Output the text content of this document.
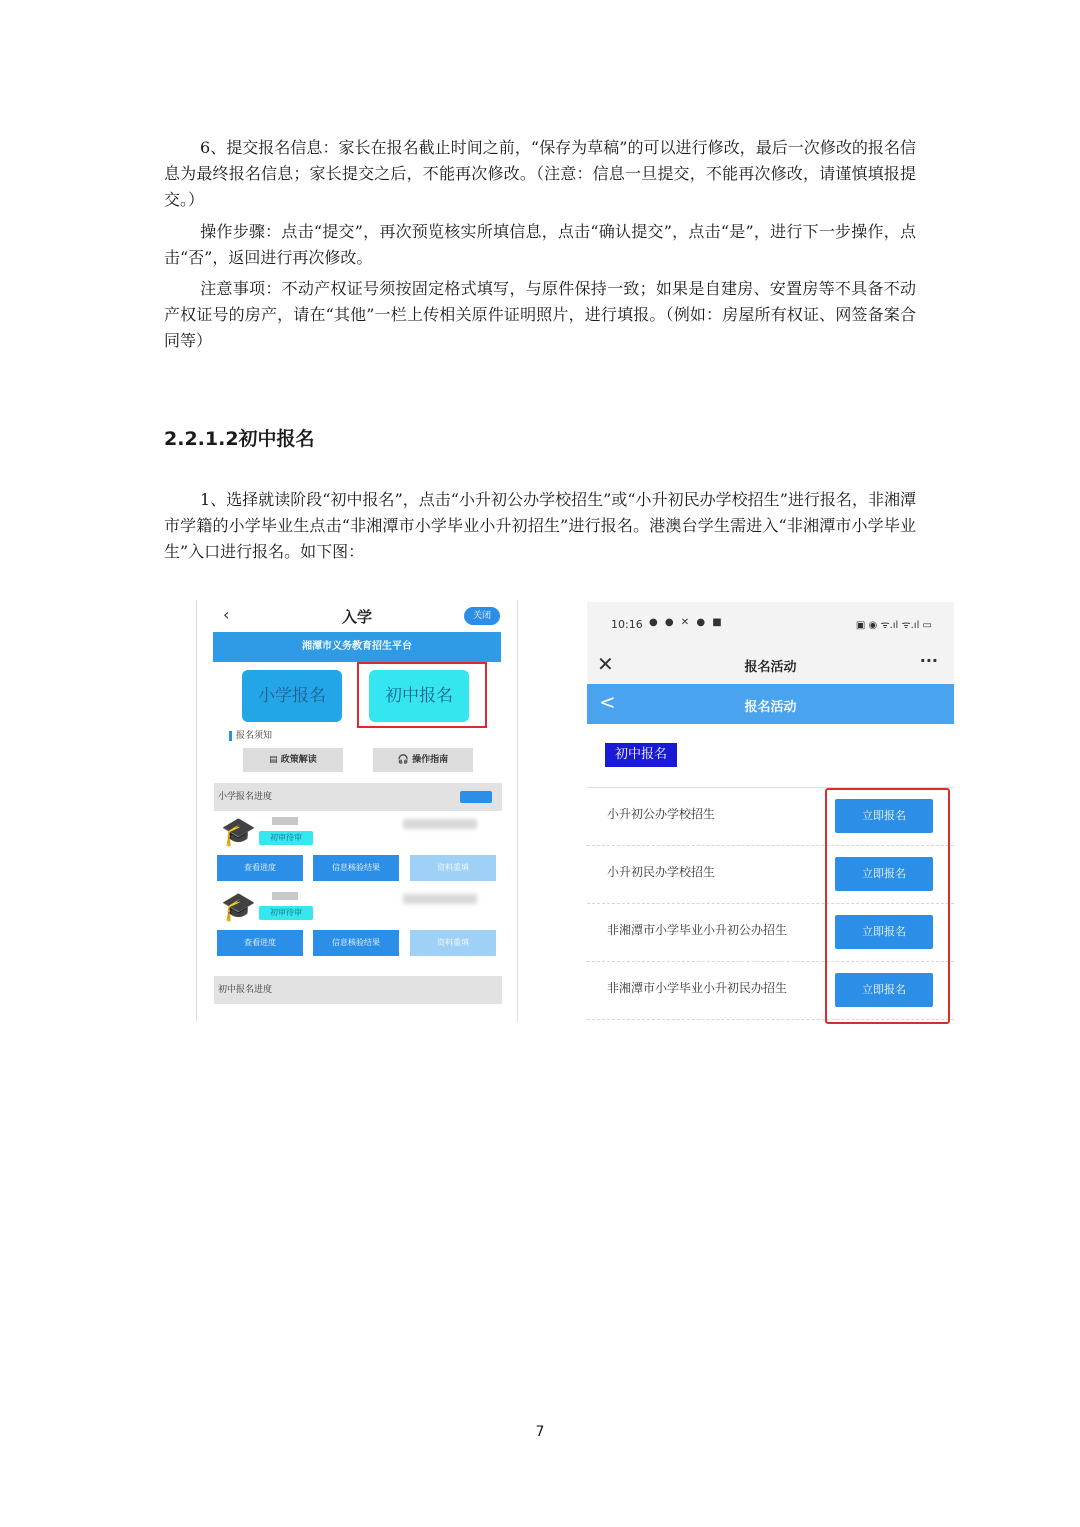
6、提交报名信息：家长在报名截止时间之前，“保存为草稿”的可以进行修改，最后一次修改的报名信息为最终报名信息；家长提交之后，不能再次修改。（注意：信息一旦提交，不能再次修改，请谨慎填报提交。）

操作步骤：点击“提交”，再次预览核实所填信息，点击“确认提交”，点击“是”，进行下一步操作，点击“否”，返回进行再次修改。

注意事项：不动产权证号须按固定格式填写，与原件保持一致；如果是自建房、安置房等不具备不动产权证号的房产，请在“其他”一栏上传相关原件证明照片，进行填报。（例如：房屋所有权证、网签备案合同等）

2.2.1.2初中报名

1、选择就读阶段“初中报名”，点击“小升初公办学校招生”或“小升初民办学校招生”进行报名，非湘潭市学籍的小学毕业生点击“非湘潭市小学毕业小升初招生”进行报名。港澳台学生需进入“非湘潭市小学毕业生”入口进行报名。如下图：

‹	入学	关闭
湘潭市义务教育招生平台
小学报名	初中报名
报名须知
▤ 政策解读	🎧 操作指南
小学报名进度
🎓	初审待审
查看进度	信息核验结果	资料重填
🎓	初审待审
查看进度	信息核验结果	资料重填
初中报名进度
10:16 ● ● ✕ ● ■	▣ ◉ ᯤ.ıl ᯤ.ıl ▭
✕	报名活动	···
<	报名活动
初中报名
小升初公办学校招生	立即报名
小升初民办学校招生	立即报名
非湘潭市小学毕业小升初公办招生	立即报名
非湘潭市小学毕业小升初民办招生	立即报名
7
